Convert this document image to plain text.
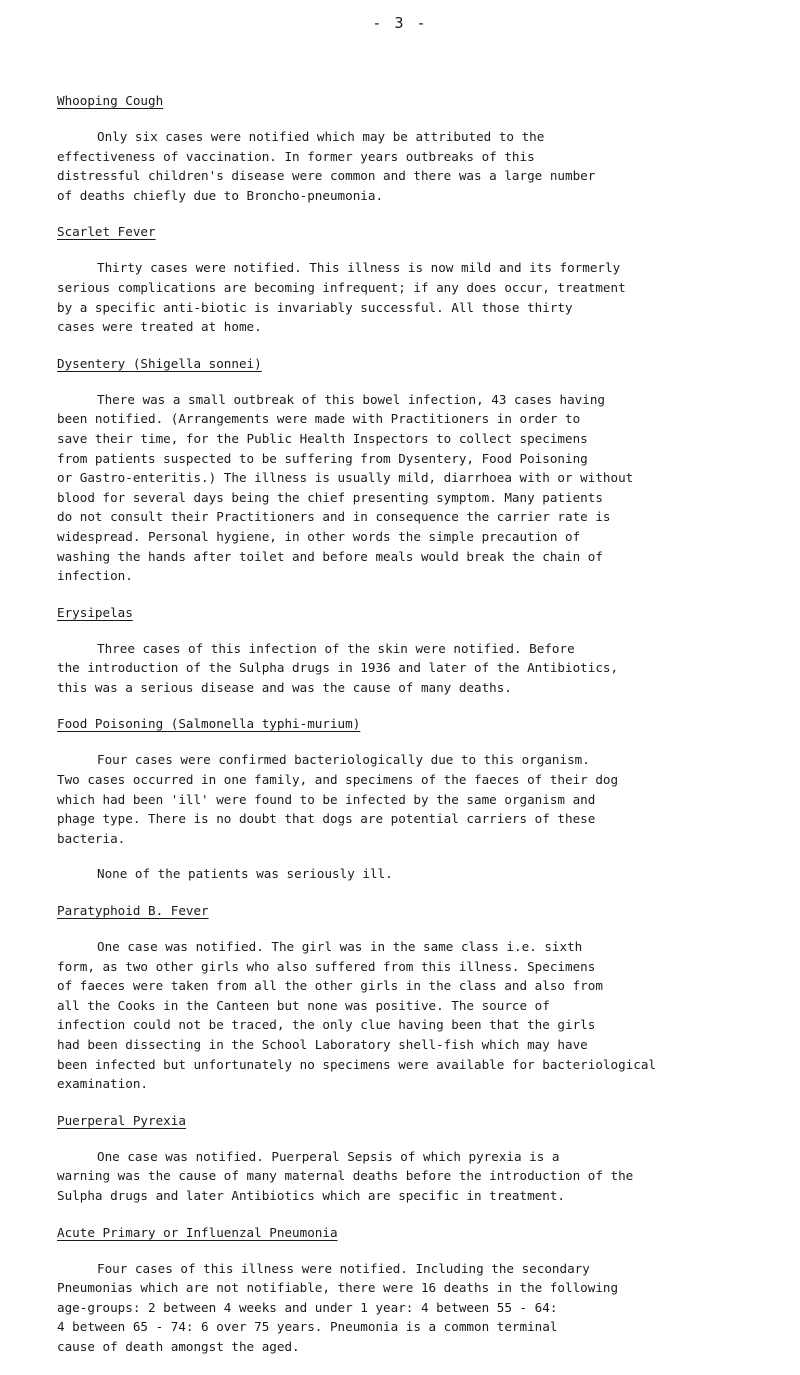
- 3 -
Whooping Cough

Only six cases were notified which may be attributed to the
effectiveness of vaccination. In former years outbreaks of this
distressful children's disease were common and there was a large number
of deaths chiefly due to Broncho-pneumonia.

Scarlet Fever

Thirty cases were notified. This illness is now mild and its formerly
serious complications are becoming infrequent; if any does occur, treatment
by a specific anti-biotic is invariably successful. All those thirty
cases were treated at home.

Dysentery (Shigella sonnei)

There was a small outbreak of this bowel infection, 43 cases having
been notified. (Arrangements were made with Practitioners in order to
save their time, for the Public Health Inspectors to collect specimens
from patients suspected to be suffering from Dysentery, Food Poisoning
or Gastro-enteritis.) The illness is usually mild, diarrhoea with or without
blood for several days being the chief presenting symptom. Many patients
do not consult their Practitioners and in consequence the carrier rate is
widespread. Personal hygiene, in other words the simple precaution of
washing the hands after toilet and before meals would break the chain of
infection.

Erysipelas

Three cases of this infection of the skin were notified. Before
the introduction of the Sulpha drugs in 1936 and later of the Antibiotics,
this was a serious disease and was the cause of many deaths.

Food Poisoning (Salmonella typhi-murium)

Four cases were confirmed bacteriologically due to this organism.
Two cases occurred in one family, and specimens of the faeces of their dog
which had been 'ill' were found to be infected by the same organism and
phage type. There is no doubt that dogs are potential carriers of these
bacteria.

None of the patients was seriously ill.

Paratyphoid B. Fever

One case was notified. The girl was in the same class i.e. sixth
form, as two other girls who also suffered from this illness. Specimens
of faeces were taken from all the other girls in the class and also from
all the Cooks in the Canteen but none was positive. The source of
infection could not be traced, the only clue having been that the girls
had been dissecting in the School Laboratory shell-fish which may have
been infected but unfortunately no specimens were available for bacteriological
examination.

Puerperal Pyrexia

One case was notified. Puerperal Sepsis of which pyrexia is a
warning was the cause of many maternal deaths before the introduction of the
Sulpha drugs and later Antibiotics which are specific in treatment.

Acute Primary or Influenzal Pneumonia

Four cases of this illness were notified. Including the secondary
Pneumonias which are not notifiable, there were 16 deaths in the following
age-groups: 2 between 4 weeks and under 1 year: 4 between 55 - 64:
4 between 65 - 74: 6 over 75 years. Pneumonia is a common terminal
cause of death amongst the aged.
